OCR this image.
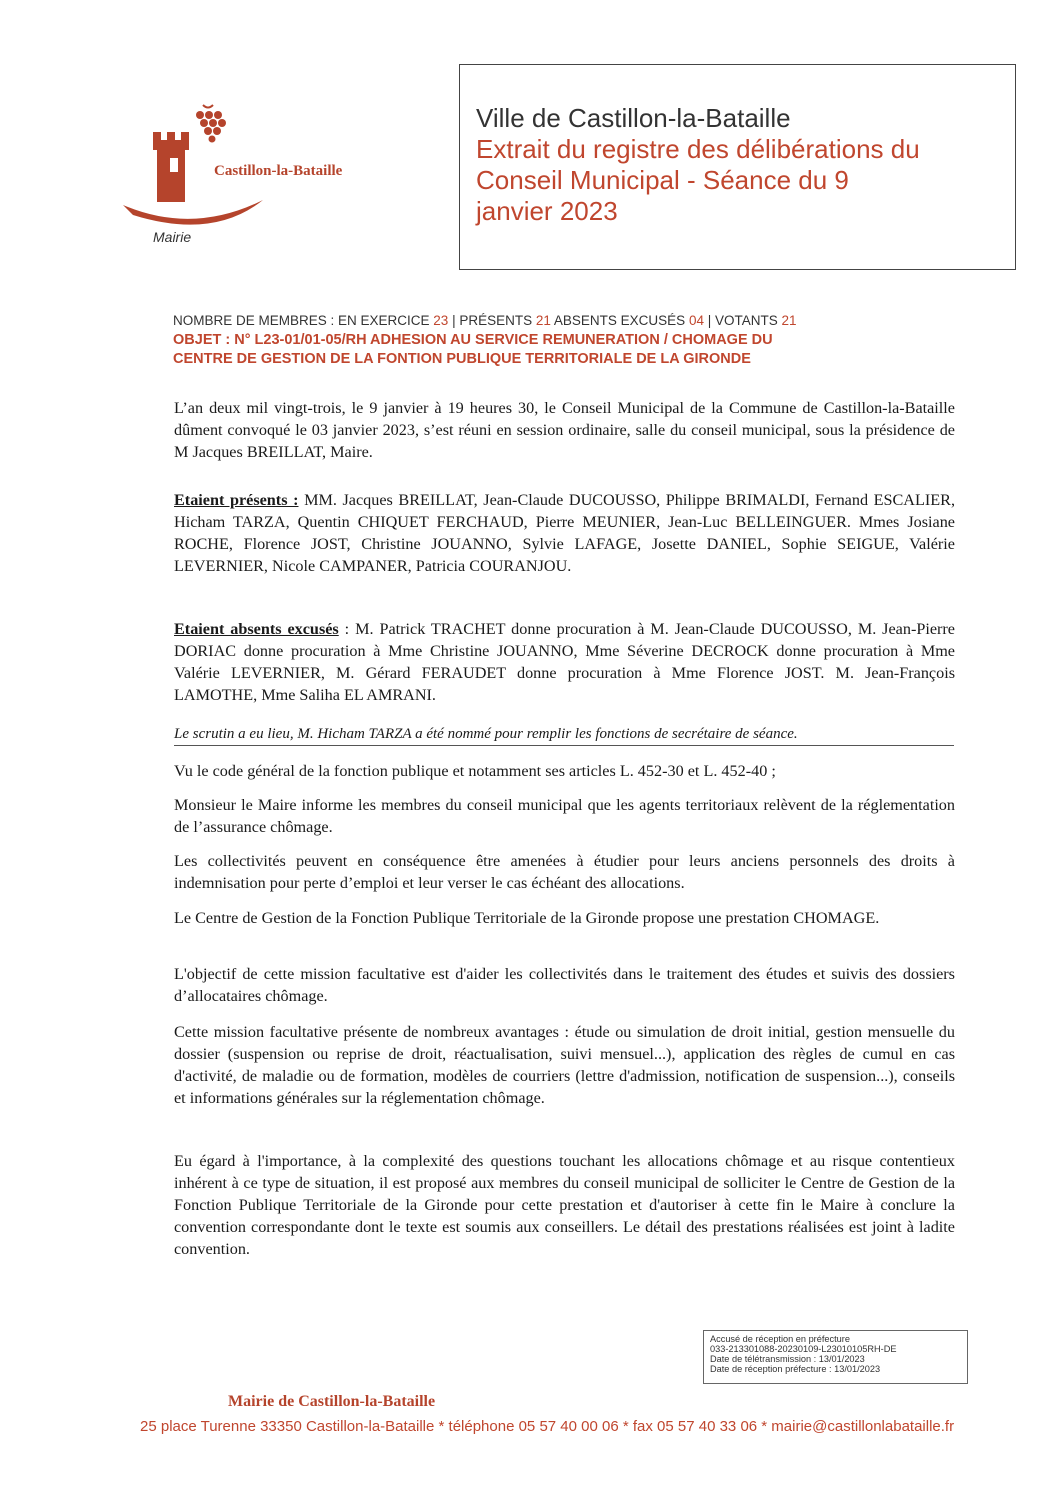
Castillon-la-Bataille
Mairie
Ville de Castillon-la-Bataille
Extrait du registre des délibérations du
Conseil Municipal - Séance du 9
janvier 2023
NOMBRE DE MEMBRES : EN EXERCICE 23 | PRÉSENTS 21 ABSENTS EXCUSÉS 04 | VOTANTS 21
OBJET : N° L23-01/01-05/RH ADHESION AU SERVICE REMUNERATION / CHOMAGE DU
CENTRE DE GESTION DE LA FONTION PUBLIQUE TERRITORIALE DE LA GIRONDE

L’an deux mil vingt-trois, le 9 janvier à 19 heures 30, le Conseil Municipal de la Commune de Castillon-la-Bataille dûment convoqué le 03 janvier 2023, s’est réuni en session ordinaire, salle du conseil municipal, sous la présidence de M Jacques BREILLAT, Maire.

Etaient présents : MM. Jacques BREILLAT, Jean-Claude DUCOUSSO, Philippe BRIMALDI, Fernand ESCALIER, Hicham TARZA, Quentin CHIQUET FERCHAUD, Pierre MEUNIER, Jean-Luc BELLEINGUER. Mmes Josiane ROCHE, Florence JOST, Christine JOUANNO, Sylvie LAFAGE, Josette DANIEL, Sophie SEIGUE, Valérie LEVERNIER, Nicole CAMPANER, Patricia COURANJOU.

Etaient absents excusés : M. Patrick TRACHET donne procuration à M. Jean-Claude DUCOUSSO, M. Jean-Pierre DORIAC donne procuration à Mme Christine JOUANNO, Mme Séverine DECROCK donne procuration à Mme Valérie LEVERNIER, M. Gérard FERAUDET donne procuration à Mme Florence JOST. M. Jean-François LAMOTHE, Mme Saliha EL AMRANI.

Le scrutin a eu lieu, M. Hicham TARZA a été nommé pour remplir les fonctions de secrétaire de séance.

Vu le code général de la fonction publique et notamment ses articles L. 452-30 et L. 452-40 ;

Monsieur le Maire informe les membres du conseil municipal que les agents territoriaux relèvent de la réglementation de l’assurance chômage.

Les collectivités peuvent en conséquence être amenées à étudier pour leurs anciens personnels des droits à indemnisation pour perte d’emploi et leur verser le cas échéant des allocations.

Le Centre de Gestion de la Fonction Publique Territoriale de la Gironde propose une prestation CHOMAGE.

L'objectif de cette mission facultative est d'aider les collectivités dans le traitement des études et suivis des dossiers d’allocataires chômage.

Cette mission facultative présente de nombreux avantages : étude ou simulation de droit initial, gestion mensuelle du dossier (suspension ou reprise de droit, réactualisation, suivi mensuel...), application des règles de cumul en cas d'activité, de maladie ou de formation, modèles de courriers (lettre d'admission, notification de suspension...), conseils et informations générales sur la réglementation chômage.

Eu égard à l'importance, à la complexité des questions touchant les allocations chômage et au risque contentieux inhérent à ce type de situation, il est proposé aux membres du conseil municipal de solliciter le Centre de Gestion de la Fonction Publique Territoriale de la Gironde pour cette prestation et d'autoriser à cette fin le Maire à conclure la convention correspondante dont le texte est soumis aux conseillers. Le détail des prestations réalisées est joint à ladite convention.

Accusé de réception en préfecture
033-213301088-20230109-L23010105RH-DE
Date de télétransmission : 13/01/2023
Date de réception préfecture : 13/01/2023
Mairie de Castillon-la-Bataille
25 place Turenne 33350 Castillon-la-Bataille * téléphone 05 57 40 00 06 * fax 05 57 40 33 06 * mairie@castillonlabataille.fr
